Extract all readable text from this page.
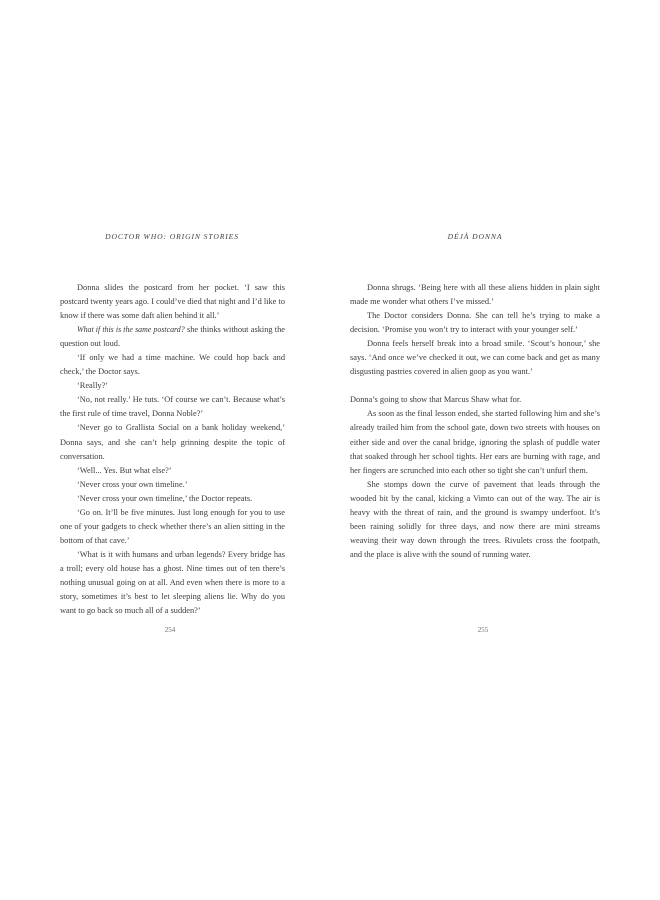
DOCTOR WHO: ORIGIN STORIES

Donna slides the postcard from her pocket. ‘I saw this postcard twenty years ago. I could’ve died that night and I’d like to know if there was some daft alien behind it all.’

What if this is the same postcard? she thinks without asking the question out loud.

‘If only we had a time machine. We could hop back and check,’ the Doctor says.

‘Really?’

‘No, not really.’ He tuts. ‘Of course we can’t. Because what’s the first rule of time travel, Donna Noble?’

‘Never go to Grallista Social on a bank holiday weekend,’ Donna says, and she can’t help grinning despite the topic of conversation.

‘Well... Yes. But what else?’

‘Never cross your own timeline.’

‘Never cross your own timeline,’ the Doctor repeats.

‘Go on. It’ll be five minutes. Just long enough for you to use one of your gadgets to check whether there’s an alien sitting in the bottom of that cave.’

‘What is it with humans and urban legends? Every bridge has a troll; every old house has a ghost. Nine times out of ten there’s nothing unusual going on at all. And even when there is more to a story, sometimes it’s best to let sleeping aliens lie. Why do you want to go back so much all of a sudden?’

254
DÉJÀ DONNA

Donna shrugs. ‘Being here with all these aliens hidden in plain sight made me wonder what others I’ve missed.’

The Doctor considers Donna. She can tell he’s trying to make a decision. ‘Promise you won’t try to interact with your younger self.’

Donna feels herself break into a broad smile. ‘Scout’s honour,’ she says. ‘And once we’ve checked it out, we can come back and get as many disgusting pastries covered in alien goop as you want.’

Donna’s going to show that Marcus Shaw what for.

As soon as the final lesson ended, she started following him and she’s already trailed him from the school gate, down two streets with houses on either side and over the canal bridge, ignoring the splash of puddle water that soaked through her school tights. Her ears are burning with rage, and her fingers are scrunched into each other so tight she can’t unfurl them.

She stomps down the curve of pavement that leads through the wooded bit by the canal, kicking a Vimto can out of the way. The air is heavy with the threat of rain, and the ground is swampy underfoot. It’s been raining solidly for three days, and now there are mini streams weaving their way down through the trees. Rivulets cross the footpath, and the place is alive with the sound of running water.

255
